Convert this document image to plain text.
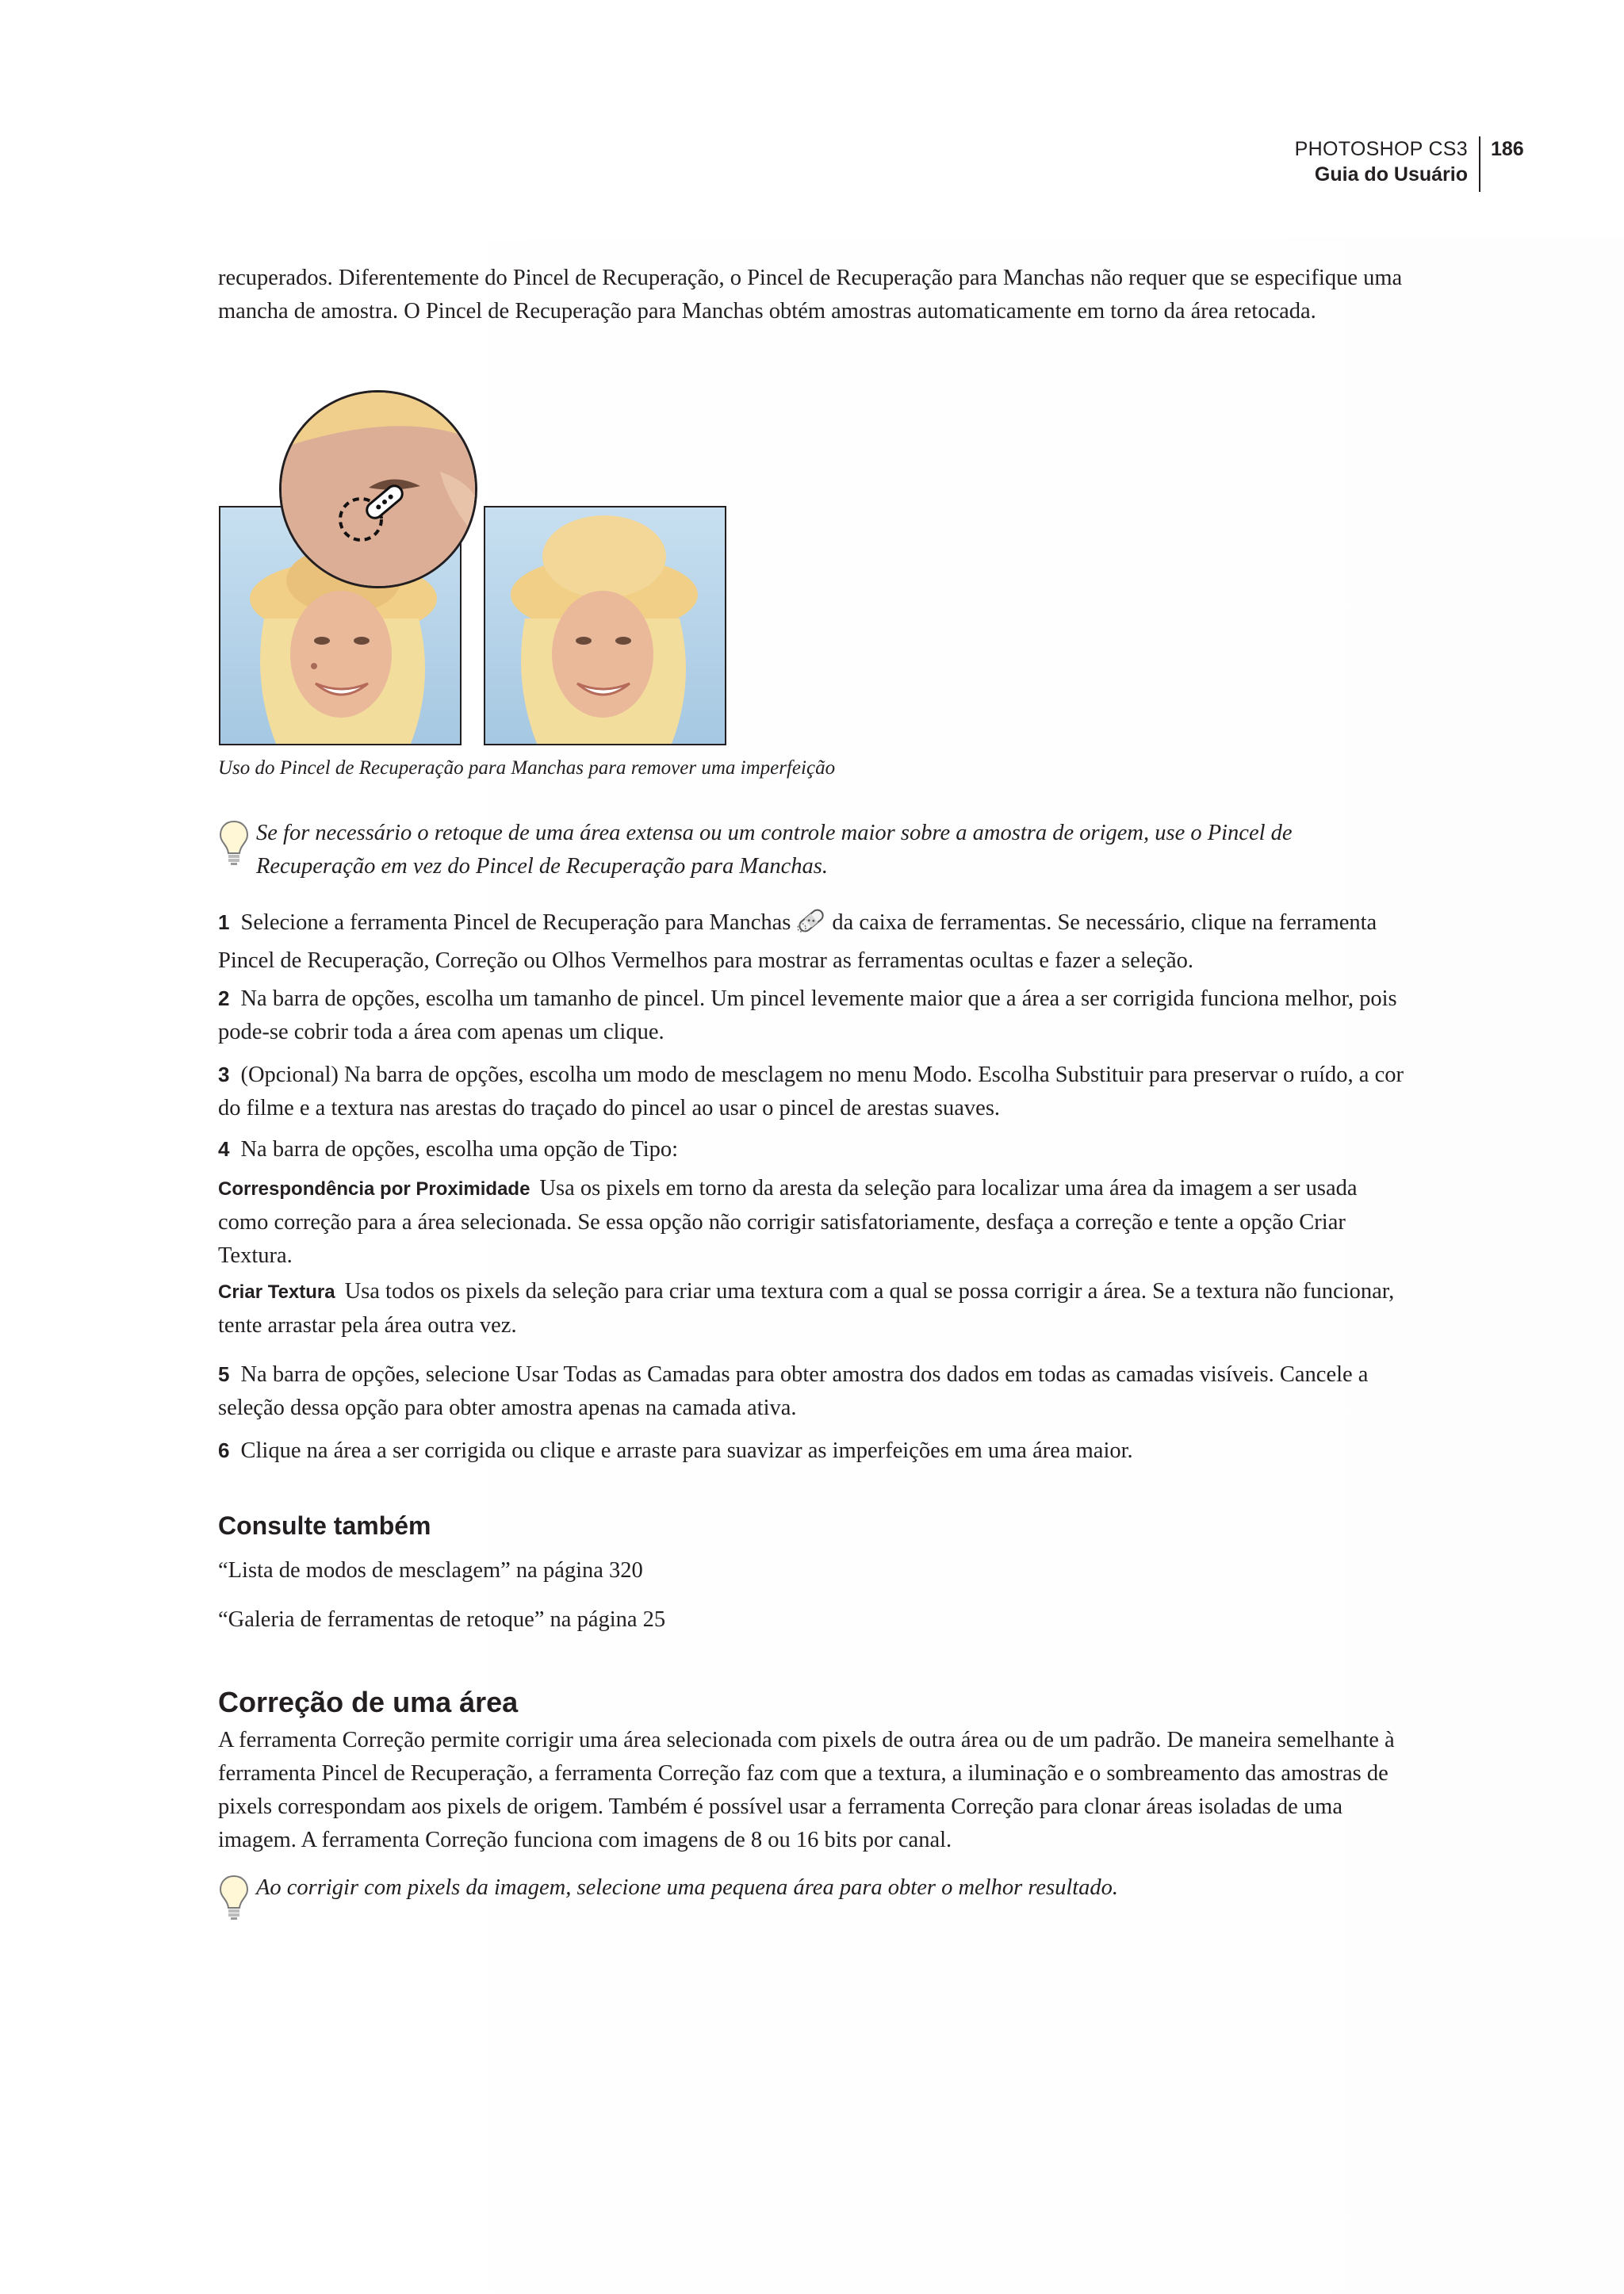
PHOTOSHOP CS3
Guia do Usuário
186

recuperados. Diferentemente do Pincel de Recuperação, o Pincel de Recuperação para Manchas não requer que se especifique uma mancha de amostra. O Pincel de Recuperação para Manchas obtém amostras automaticamente em torno da área retocada.

Uso do Pincel de Recuperação para Manchas para remover uma imperfeição

Se for necessário o retoque de uma área extensa ou um controle maior sobre a amostra de origem, use o Pincel de Recuperação em vez do Pincel de Recuperação para Manchas.

1 Selecione a ferramenta Pincel de Recuperação para Manchas da caixa de ferramentas. Se necessário, clique na ferramenta Pincel de Recuperação, Correção ou Olhos Vermelhos para mostrar as ferramentas ocultas e fazer a seleção.

2 Na barra de opções, escolha um tamanho de pincel. Um pincel levemente maior que a área a ser corrigida funciona melhor, pois pode-se cobrir toda a área com apenas um clique.

3 (Opcional) Na barra de opções, escolha um modo de mesclagem no menu Modo. Escolha Substituir para preservar o ruído, a cor do filme e a textura nas arestas do traçado do pincel ao usar o pincel de arestas suaves.

4 Na barra de opções, escolha uma opção de Tipo:

Correspondência por Proximidade Usa os pixels em torno da aresta da seleção para localizar uma área da imagem a ser usada como correção para a área selecionada. Se essa opção não corrigir satisfatoriamente, desfaça a correção e tente a opção Criar Textura.

Criar Textura Usa todos os pixels da seleção para criar uma textura com a qual se possa corrigir a área. Se a textura não funcionar, tente arrastar pela área outra vez.

5 Na barra de opções, selecione Usar Todas as Camadas para obter amostra dos dados em todas as camadas visíveis. Cancele a seleção dessa opção para obter amostra apenas na camada ativa.

6 Clique na área a ser corrigida ou clique e arraste para suavizar as imperfeições em uma área maior.

Consulte também
“Lista de modos de mesclagem” na página 320
“Galeria de ferramentas de retoque” na página 25
Correção de uma área

A ferramenta Correção permite corrigir uma área selecionada com pixels de outra área ou de um padrão. De maneira semelhante à ferramenta Pincel de Recuperação, a ferramenta Correção faz com que a textura, a iluminação e o sombreamento das amostras de pixels correspondam aos pixels de origem. Também é possível usar a ferramenta Correção para clonar áreas isoladas de uma imagem. A ferramenta Correção funciona com imagens de 8 ou 16 bits por canal.

Ao corrigir com pixels da imagem, selecione uma pequena área para obter o melhor resultado.
